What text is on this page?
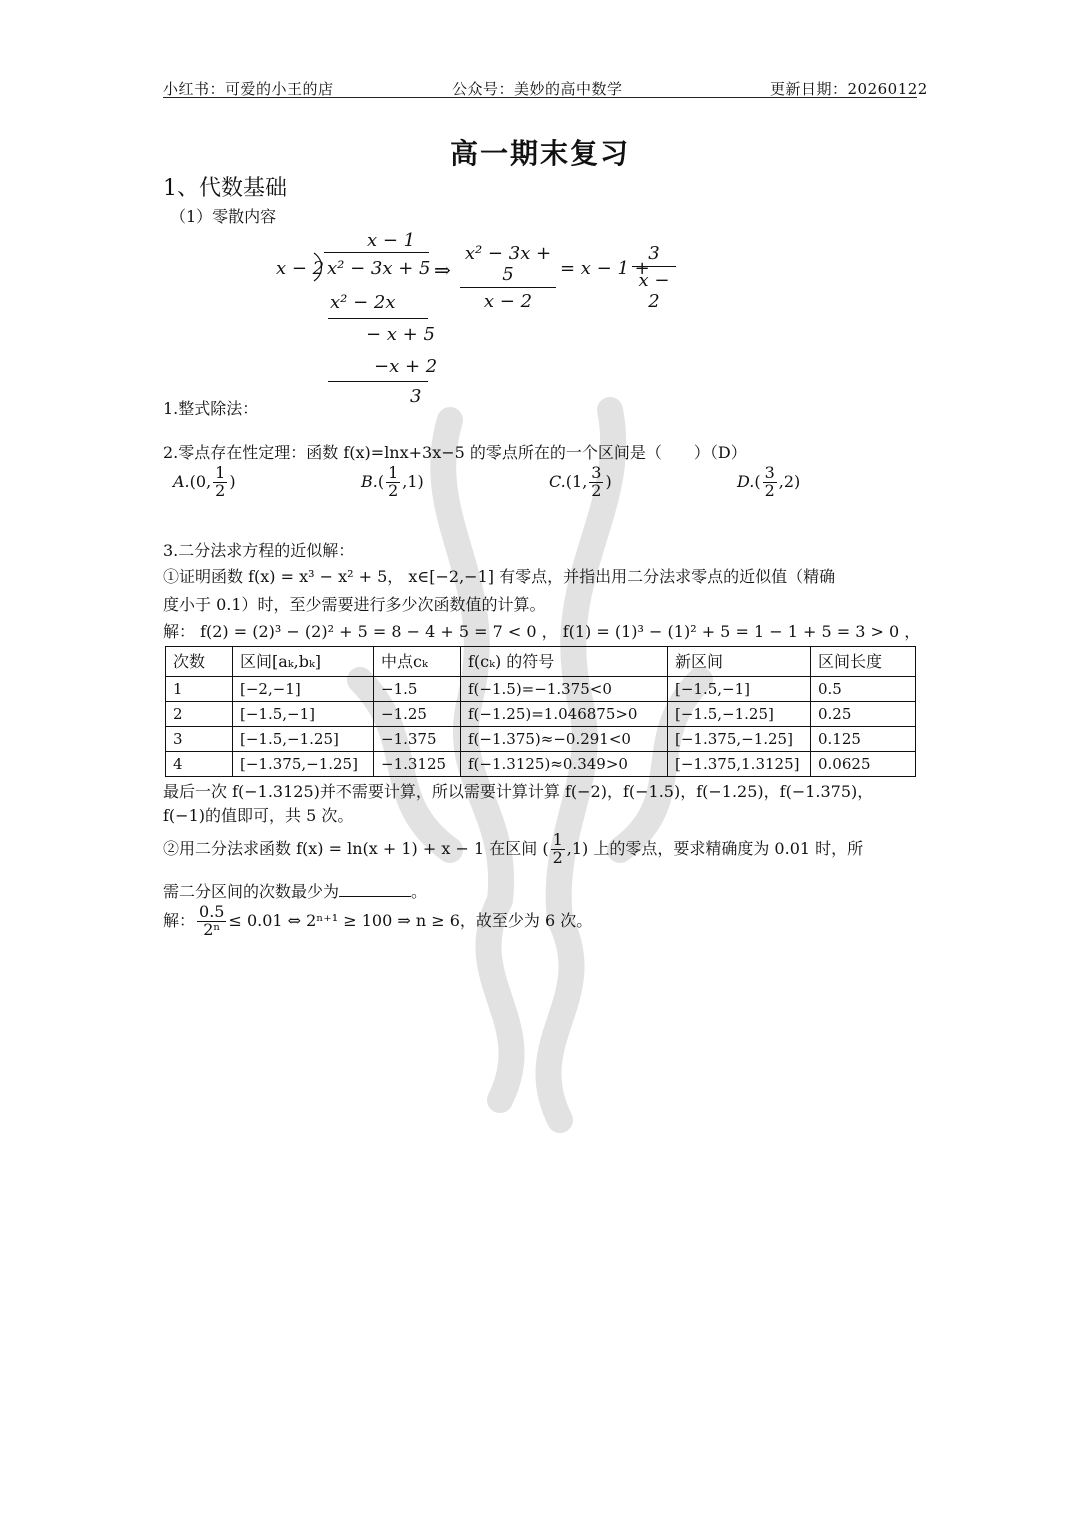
小红书：可爱的小王的店	公众号：美妙的高中数学	更新日期：20260122
高一期末复习
1、代数基础
（1）零散内容
x − 1
x − 2 x² − 3x + 5
x² − 2x
− x + 5
−x + 2
3
⇒ $\frac{\text{x² − 3x + 5}}{x - 2} = x - 1$ +
$\frac{3}{x - 2}$
1.整式除法：
2.零点存在性定理：函数 f(x)=lnx+3x−5 的零点所在的一个区间是（　　）（D）
A.(0, $\frac{1}{2}$ )	$B.( \frac{1}{2} ,1)$	C.(1, $\frac{3}{2}$ )	$D.( \frac{3}{2} ,2)$
3.二分法求方程的近似解：
①证明函数 f(x) = x³ − x² + 5， x∈[−2,−1] 有零点，并指出用二分法求零点的近似值（精确
度小于 0.1）时，至少需要进行多少次函数值的计算。
解： f(2) = (2)³ − (2)² + 5 = 8 − 4 + 5 = 7 < 0 ， f(1) = (1)³ − (1)² + 5 = 1 − 1 + 5 = 3 > 0 ，
次数	区间[aₖ,bₖ]	中点cₖ	f(cₖ) 的符号	新区间	区间长度
1	[−2,−1]	−1.5	f(−1.5)=−1.375<0	[−1.5,−1]	0.5
2	[−1.5,−1]	−1.25	f(−1.25)=1.046875>0	[−1.5,−1.25]	0.25
3	[−1.5,−1.25]	−1.375	f(−1.375)≈−0.291<0	[−1.375,−1.25]	0.125
4	[−1.375,−1.25]	−1.3125	f(−1.3125)≈0.349>0	[−1.375,1.3125]	0.0625
最后一次 f(−1.3125)并不需要计算，所以需要计算计算 f(−2)，f(−1.5)，f(−1.25)，f(−1.375)，
f(−1)的值即可，共 5 次。
②用二分法求函数 f(x) = ln(x + 1) + x − 1 在区间 ( $\frac{1}{2} ,1$) 上的零点，要求精确度为 0.01 时，所
需二分区间的次数最少为	。
解： $\frac{0.5}{\text{2ⁿ}} \le 0.01$ ⇔ 2ⁿ⁺¹ ≥ 100 ⇒ n ≥ 6，故至少为 6 次。
